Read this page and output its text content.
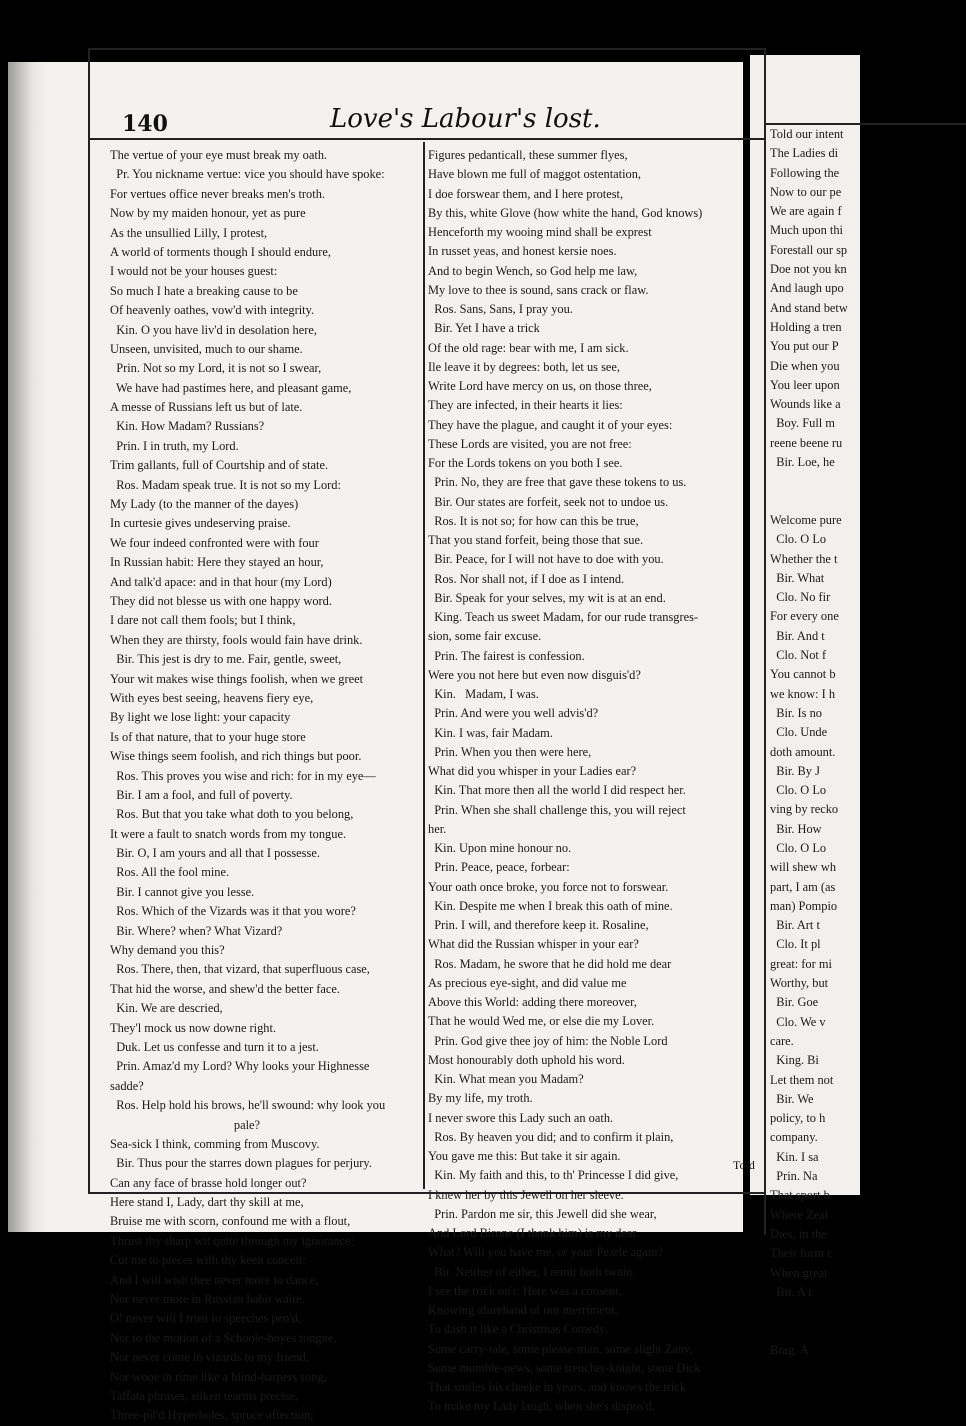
Told our intent
The Ladies di
Following the
Now to our pe
We are again f
Much upon thi
Forestall our sp
Doe not you kn
And laugh upo
And stand betw
Holding a tren
You put our P
Die when you
You leer upon
Wounds like a
Boy. Full m
reene beene ru
Bir. Loe, he
Welcome pure
Clo. O Lo
Whether the t
Bir. What
Clo. No fir
For every one
Bir. And t
Clo. Not f
You cannot b
we know: I h
Bir. Is no
Clo. Unde
doth amount.
Bir. By J
Clo. O Lo
ving by recko
Bir. How
Clo. O Lo
will shew wh
part, I am (as
man) Pompio
Bir. Art t
Clo. It pl
great: for mi
Worthy, but
Bir. Goe
Clo. We v
care.
King. Bi
Let them not
Bir. We
policy, to h
company.
Kin. I sa
Prin. Na
That sport b
Where Zeal
Dies, in the
Their form c
When great
Bir. A r
Brag. A
140	Love's Labour's lost.
The vertue of your eye must break my oath.
Pr. You nickname vertue: vice you should have spoke:
For vertues office never breaks men's troth.
Now by my maiden honour, yet as pure
As the unsullied Lilly, I protest,
A world of torments though I should endure,
I would not be your houses guest:
So much I hate a breaking cause to be
Of heavenly oathes, vow'd with integrity.
Kin. O you have liv'd in desolation here,
Unseen, unvisited, much to our shame.
Prin. Not so my Lord, it is not so I swear,
We have had pastimes here, and pleasant game,
A messe of Russians left us but of late.
Kin. How Madam? Russians?
Prin. I in truth, my Lord.
Trim gallants, full of Courtship and of state.
Ros. Madam speak true. It is not so my Lord:
My Lady (to the manner of the dayes)
In curtesie gives undeserving praise.
We four indeed confronted were with four
In Russian habit: Here they stayed an hour,
And talk'd apace: and in that hour (my Lord)
They did not blesse us with one happy word.
I dare not call them fools; but I think,
When they are thirsty, fools would fain have drink.
Bir. This jest is dry to me. Fair, gentle, sweet,
Your wit makes wise things foolish, when we greet
With eyes best seeing, heavens fiery eye,
By light we lose light: your capacity
Is of that nature, that to your huge store
Wise things seem foolish, and rich things but poor.
Ros. This proves you wise and rich: for in my eye—
Bir. I am a fool, and full of poverty.
Ros. But that you take what doth to you belong,
It were a fault to snatch words from my tongue.
Bir. O, I am yours and all that I possesse.
Ros. All the fool mine.
Bir. I cannot give you lesse.
Ros. Which of the Vizards was it that you wore?
Bir. Where? when? What Vizard?
Why demand you this?
Ros. There, then, that vizard, that superfluous case,
That hid the worse, and shew'd the better face.
Kin. We are descried,
They'l mock us now downe right.
Duk. Let us confesse and turn it to a jest.
Prin. Amaz'd my Lord? Why looks your Highnesse
sadde?
Ros. Help hold his brows, he'll swound: why look you
pale?
Sea-sick I think, comming from Muscovy.
Bir. Thus pour the starres down plagues for perjury.
Can any face of brasse hold longer out?
Here stand I, Lady, dart thy skill at me,
Bruise me with scorn, confound me with a flout,
Thrust thy sharp wit quite through my ignorance;
Cut me to pieces with thy keen conceit:
And I will wish thee never more to dance,
Nor never more in Russian habit waite.
O! never will I trust to speeches pen'd,
Nor to the motion of a Schoole-boyes tongue,
Nor never come in vizards to my friend,
Nor wooe in rime like a blind-harpers song,
Taffata phrases, silken tearms precise,
Three-pil'd Hyperboles, spruce affection;
Figures pedanticall, these summer flyes,
Have blown me full of maggot ostentation,
I doe forswear them, and I here protest,
By this, white Glove (how white the hand, God knows)
Henceforth my wooing mind shall be exprest
In russet yeas, and honest kersie noes.
And to begin Wench, so God help me law,
My love to thee is sound, sans crack or flaw.
Ros. Sans, Sans, I pray you.
Bir. Yet I have a trick
Of the old rage: bear with me, I am sick.
Ile leave it by degrees: both, let us see,
Write Lord have mercy on us, on those three,
They are infected, in their hearts it lies:
They have the plague, and caught it of your eyes:
These Lords are visited, you are not free:
For the Lords tokens on you both I see.
Prin. No, they are free that gave these tokens to us.
Bir. Our states are forfeit, seek not to undoe us.
Ros. It is not so; for how can this be true,
That you stand forfeit, being those that sue.
Bir. Peace, for I will not have to doe with you.
Ros. Nor shall not, if I doe as I intend.
Bir. Speak for your selves, my wit is at an end.
King. Teach us sweet Madam, for our rude transgres-
sion, some fair excuse.
Prin. The fairest is confession.
Were you not here but even now disguis'd?
Kin.   Madam, I was.
Prin. And were you well advis'd?
Kin. I was, fair Madam.
Prin. When you then were here,
What did you whisper in your Ladies ear?
Kin. That more then all the world I did respect her.
Prin. When she shall challenge this, you will reject
her.
Kin. Upon mine honour no.
Prin. Peace, peace, forbear:
Your oath once broke, you force not to forswear.
Kin. Despite me when I break this oath of mine.
Prin. I will, and therefore keep it. Rosaline,
What did the Russian whisper in your ear?
Ros. Madam, he swore that he did hold me dear
As precious eye-sight, and did value me
Above this World: adding there moreover,
That he would Wed me, or else die my Lover.
Prin. God give thee joy of him: the Noble Lord
Most honourably doth uphold his word.
Kin. What mean you Madam?
By my life, my troth.
I never swore this Lady such an oath.
Ros. By heaven you did; and to confirm it plain,
You gave me this: But take it sir again.
Kin. My faith and this, to th' Princesse I did give,
I knew her by this Jewell on her sleeve.
Prin. Pardon me sir, this Jewell did she wear,
And Lord Birone (I thank him) is my dear.
What? Will you have me, or your Pearle again?
Bir. Neither of either, I remit both twain.
I see the trick on't: Here was a consent,
Knowing aforehand of our merriment,
To dash it like a Christmas Comedy.
Some carry-tale, some please-man, some slight Zany,
Some mumble-news, some trencher-knight, some Dick
That smiles his cheeke in years, and knows the trick
To make my Lady laugh, when she's dispos'd,
Told
